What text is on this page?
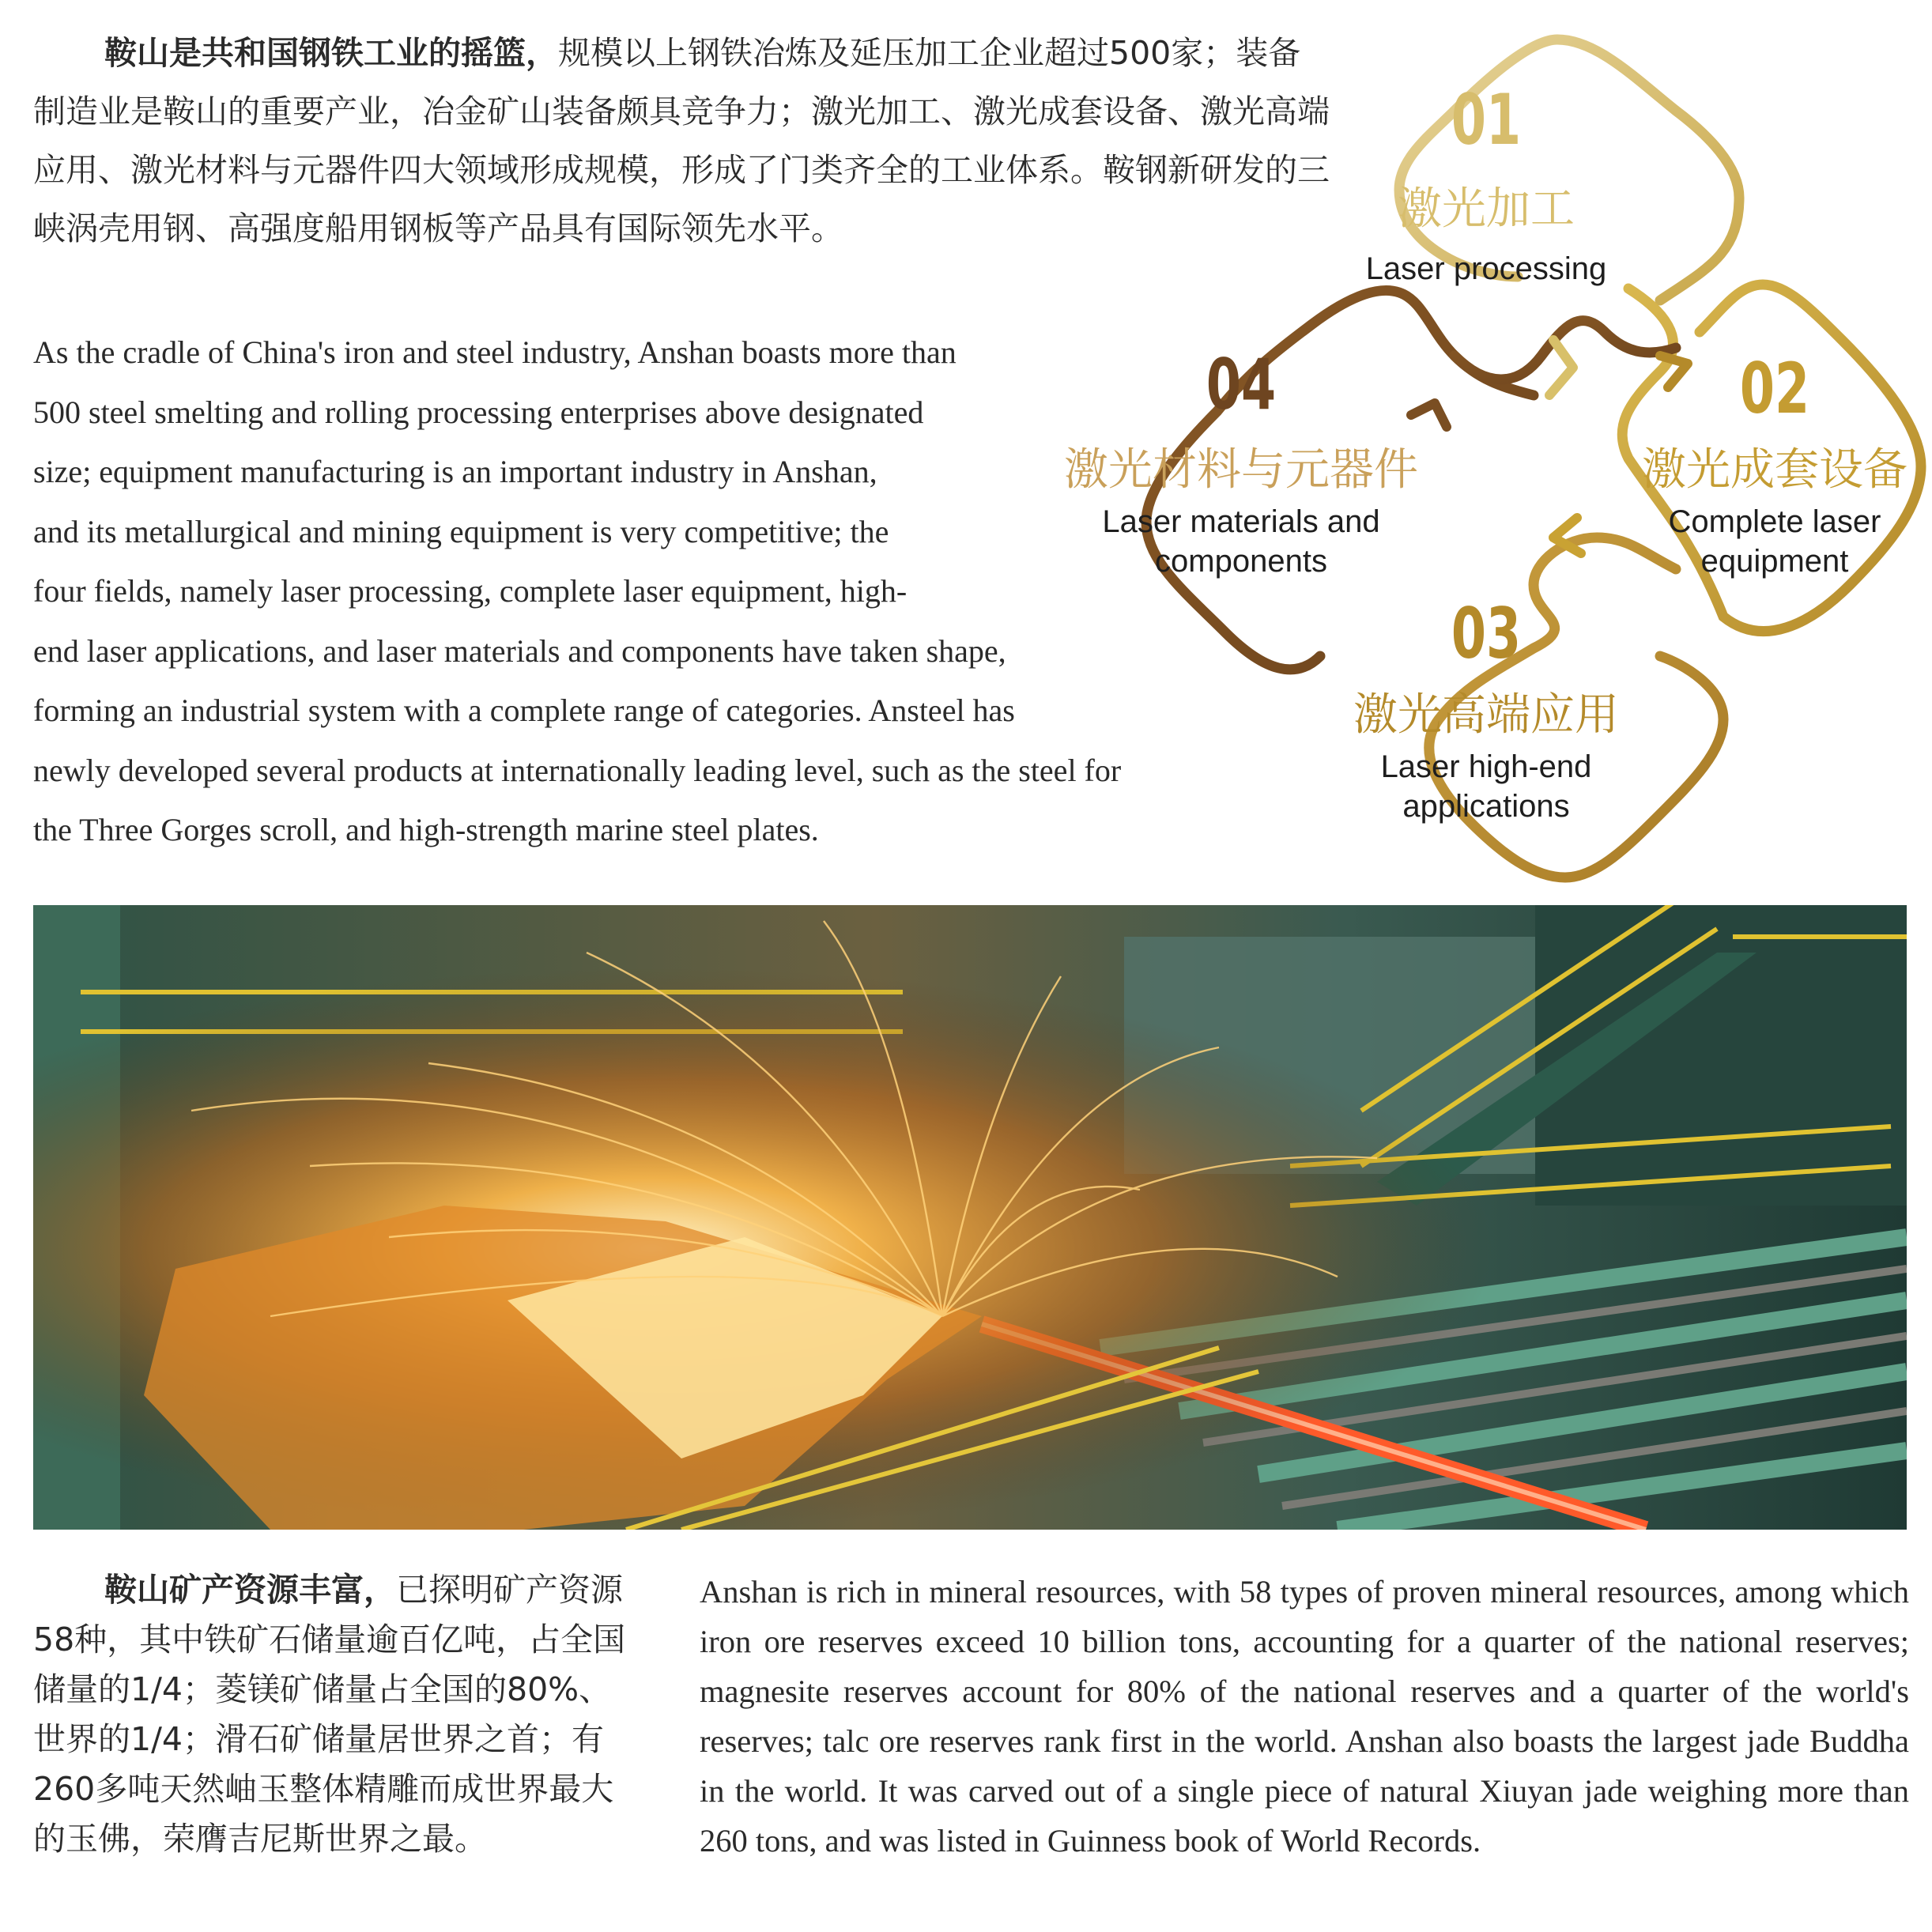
鞍山是共和国钢铁工业的摇篮，规模以上钢铁冶炼及延压加工企业超过500家；装备制造业是鞍山的重要产业，冶金矿山装备颇具竞争力；激光加工、激光成套设备、激光高端应用、激光材料与元器件四大领域形成规模，形成了门类齐全的工业体系。鞍钢新研发的三峡涡壳用钢、高强度船用钢板等产品具有国际领先水平。

As the cradle of China's iron and steel industry, Anshan boasts more than
500 steel smelting and rolling processing enterprises above designated
size; equipment manufacturing is an important industry in Anshan,
and its metallurgical and mining equipment is very competitive; the
four fields, namely laser processing, complete laser equipment, high-
end laser applications, and laser materials and components have taken shape,
forming an industrial system with a complete range of categories. Ansteel has
newly developed several products at internationally leading level, such as the steel for
the Three Gorges scroll, and high-strength marine steel plates.
01
激光加工
Laser processing
02
激光成套设备
Complete laser
equipment
03
激光高端应用
Laser high-end
applications
04
激光材料与元器件
Laser materials and
components

鞍山矿产资源丰富，已探明矿产资源58种，其中铁矿石储量逾百亿吨，占全国储量的1/4；菱镁矿储量占全国的80%、世界的1/4；滑石矿储量居世界之首；有260多吨天然岫玉整体精雕而成世界最大的玉佛，荣膺吉尼斯世界之最。

Anshan is rich in mineral resources, with 58 types of proven mineral resources, among which iron ore reserves exceed 10 billion tons, accounting for a quarter of the national reserves; magnesite reserves account for 80% of the national reserves and a quarter of the world's reserves; talc ore reserves rank first in the world. Anshan also boasts the largest jade Buddha in the world. It was carved out of a single piece of natural Xiuyan jade weighing more than 260 tons, and was listed in Guinness book of World Records.
